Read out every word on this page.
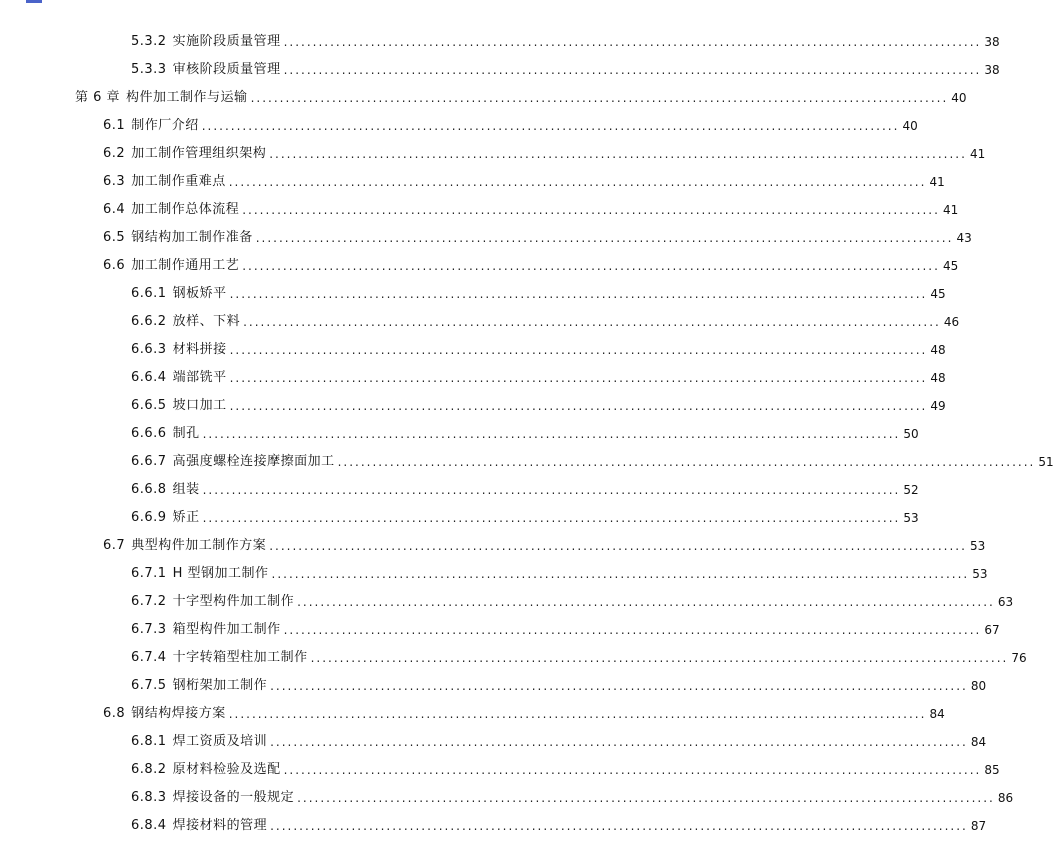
5.3.2 实施阶段质量管理 ........................................................................................................................ 38
5.3.3 审核阶段质量管理 ........................................................................................................................ 38
第 6 章 构件加工制作与运输 ........................................................................................................................ 40
6.1 制作厂介绍 ........................................................................................................................ 40
6.2 加工制作管理组织架构 ........................................................................................................................ 41
6.3 加工制作重难点 ........................................................................................................................ 41
6.4 加工制作总体流程 ........................................................................................................................ 41
6.5 钢结构加工制作准备 ........................................................................................................................ 43
6.6 加工制作通用工艺 ........................................................................................................................ 45
6.6.1 钢板矫平 ........................................................................................................................ 45
6.6.2 放样、下料 ........................................................................................................................ 46
6.6.3 材料拼接 ........................................................................................................................ 48
6.6.4 端部铣平 ........................................................................................................................ 48
6.6.5 坡口加工 ........................................................................................................................ 49
6.6.6 制孔 ........................................................................................................................ 50
6.6.7 高强度螺栓连接摩擦面加工 ........................................................................................................................ 51
6.6.8 组装 ........................................................................................................................ 52
6.6.9 矫正 ........................................................................................................................ 53
6.7 典型构件加工制作方案 ........................................................................................................................ 53
6.7.1 H 型钢加工制作 ........................................................................................................................ 53
6.7.2 十字型构件加工制作 ........................................................................................................................ 63
6.7.3 箱型构件加工制作 ........................................................................................................................ 67
6.7.4 十字转箱型柱加工制作 ........................................................................................................................ 76
6.7.5 钢桁架加工制作 ........................................................................................................................ 80
6.8 钢结构焊接方案 ........................................................................................................................ 84
6.8.1 焊工资质及培训 ........................................................................................................................ 84
6.8.2 原材料检验及选配 ........................................................................................................................ 85
6.8.3 焊接设备的一般规定 ........................................................................................................................ 86
6.8.4 焊接材料的管理 ........................................................................................................................ 87
